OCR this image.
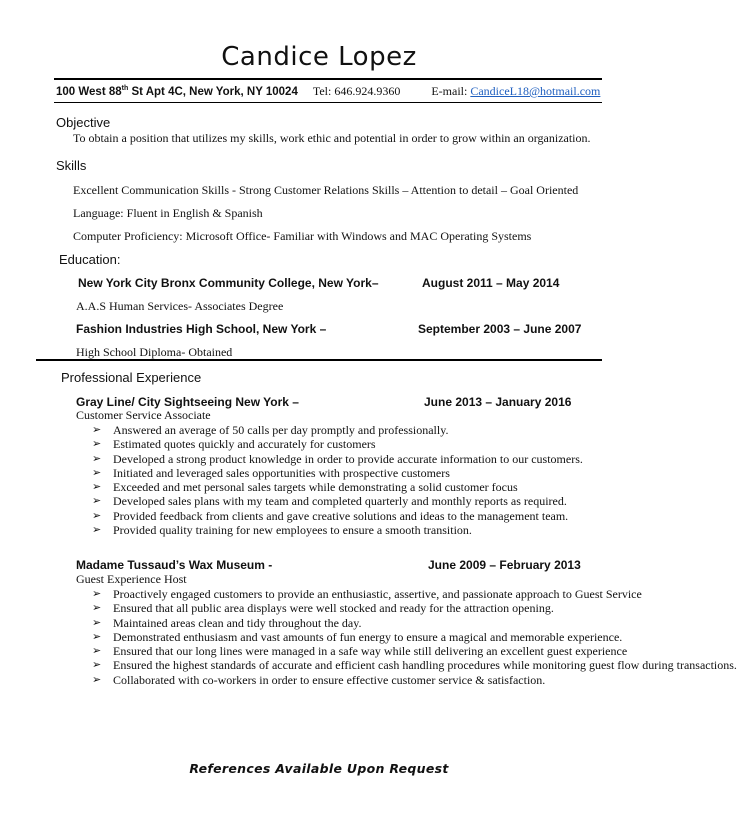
Candice Lopez
100 West 88th St Apt 4C, New York, NY 10024 Tel: 646.924.9360	E-mail: CandiceL18@hotmail.com
Objective
To obtain a position that utilizes my skills, work ethic and potential in order to grow within an organization.
Skills
Excellent Communication Skills - Strong Customer Relations Skills – Attention to detail – Goal Oriented
Language: Fluent in English & Spanish
Computer Proficiency: Microsoft Office- Familiar with Windows and MAC Operating Systems
Education:
New York City Bronx Community College, New York–	August 2011 – May 2014
A.A.S Human Services- Associates Degree
Fashion Industries High School, New York –	September 2003 – June 2007
High School Diploma- Obtained
Professional Experience
Gray Line/ City Sightseeing New York –	June 2013 – January 2016
Customer Service Associate
➢ Answered an average of 50 calls per day promptly and professionally.
➢ Estimated quotes quickly and accurately for customers
➢ Developed a strong product knowledge in order to provide accurate information to our customers.
➢ Initiated and leveraged sales opportunities with prospective customers
➢ Exceeded and met personal sales targets while demonstrating a solid customer focus
➢ Developed sales plans with my team and completed quarterly and monthly reports as required.
➢ Provided feedback from clients and gave creative solutions and ideas to the management team.
➢ Provided quality training for new employees to ensure a smooth transition.
Madame Tussaud’s Wax Museum -	June 2009 – February 2013
Guest Experience Host
➢ Proactively engaged customers to provide an enthusiastic, assertive, and passionate approach to Guest Service
➢ Ensured that all public area displays were well stocked and ready for the attraction opening.
➢ Maintained areas clean and tidy throughout the day.
➢ Demonstrated enthusiasm and vast amounts of fun energy to ensure a magical and memorable experience.
➢ Ensured that our long lines were managed in a safe way while still delivering an excellent guest experience
➢ Ensured the highest standards of accurate and efficient cash handling procedures while monitoring guest flow during transactions.
➢ Collaborated with co-workers in order to ensure effective customer service & satisfaction.
References Available Upon Request
